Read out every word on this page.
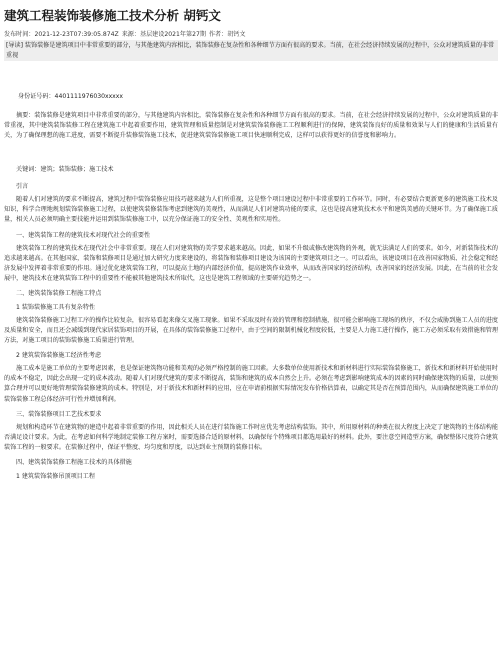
建筑工程装饰装修施工技术分析 胡钙文
发布时间：2021-12-23T07:39:05.874Z 来源：基层建设2021年第27期 作者：胡钙文

[导读] 装饰装修是建筑项目中非常重要的部分，与其他建筑内容相比，装饰装修在复杂性和各种细节方面有很高的要求。当前，在社会经济持续发展的过程中，公众对建筑质量的非常重视

身份证号码：4401111976030xxxxx

摘要：装饰装修是建筑项目中非常重要的部分，与其他建筑内容相比，装饰装修在复杂性和各种细节方面有很高的要求。当前，在社会经济持续发展的过程中，公众对建筑质量的非常重视，其中建筑装饰装修工程在建筑施工中起着重要作用，建筑管理和质量控制是对建筑装饰装修施工工程顺利进行的保障，建筑装饰良好的质量和效果与人们的健康和生活质量有关，为了确保理想的施工进度，需要不断提升装修装饰施工技术，促进建筑装饰装修施工项目快速顺利完成，这样可以获得更好的信誉度和影响力。

关键词：建筑；装饰装修；施工技术
引言

随着人们对建筑的要求不断提高，建筑过程中装饰装修应用技巧越来越为人们所重视，这是整个项目建设过程中非常重要的工作环节。同时，有必要结合更新更多的建筑施工技术及知识，科学合理地规划装饰装修施工过程，以使建筑装修装饰考虑到建筑的美观性，从而满足人们对建筑功能的要求，这也是提高建筑技术水平和建筑美感的关键环节。为了确保施工质量，相关人员必须明确主要技能并运用到装饰装修施工中，以充分保证施工的安全性、美观性和实用性。

一、建筑装饰工程的建筑技术对现代社会的重要性

建筑装饰工程的建筑技术在现代社会中非常重要。现在人们对建筑物的美学要求越来越高。因此，如果不升级或修改建筑物的外观，就无法满足人们的要求。如今，对新装饰技术的追求越来越高。在其他国家，装饰和装修项目是通过加大研究力度来建设的，将装饰和装修项目建设为该国的主要建筑项目之一。可以看出，该建设项目在改善国家物质、社会稳定和经济发展中发挥着非常重要的作用。通过优化建筑装饰工程，可以提高土地的内部经济价值，提高建筑作业效率，从而改善国家的经济结构，改善国家的经济发展。因此，在当前的社会发展中，建筑技术在建筑装饰工程中的重要性不能被其他建筑技术所取代，这也是建筑工程领域的主要研究趋势之一。

二、建筑装饰装修工程施工特点
1 装饰装修施工具有复杂特性

建筑装饰装修施工过程工序的操作比较复杂，很容易看起来像交叉施工现象。如果不采取及时有效的管理和控制措施，很可能会影响施工现场的秩序，不仅会威胁到施工人员的进度及质量和安全，而且还会减缓到现代家居装饰项目的开展，在具体的装饰装修施工过程中，由于空间的限制机械化程度较低，主要是人力施工进行操作，施工方必须采取有效措施和管理方法，对施工项目的装饰装修施工质量进行管理。

2 建筑装饰装修施工经济性考虑

施工成本是施工单位的主要考虑因素，也是保证建筑物功能和美观的必须严格控制的施工因素。大多数单位使用新技术和新材料进行实际装饰装修施工，新技术和新材料开始使用时的成本不稳定，因此会出现一定的成本波动。随着人们对现代建筑的要求不断提高，装饰和建筑的成本自然会上升。必须在考虑到影响建筑成本的因素的同时确保建筑物的质量，以使预算合理并可以更好地管理装饰装修建筑的成本。特别是，对于新技术和新材料的应用，应在申请前根据实际情况发布价格估算表，以确定其是否在预算范围内，从而确保建筑施工单位的装饰装修工程总体经济可行性并增加利润。

三、装饰装修项目工艺技术要求

规划和构造环节在建筑物的建造中起着非常重要的作用，因此相关人员在进行装饰施工作时应优先考虑结构装饰。其中，所用原材料的种类在很大程度上决定了建筑物的主体结构能否满足设计要求。为此，在考虑如何科学地制定装修工程方案时，需要选择合适的原材料，以确保每个特殊项目都选用最好的材料。此外，要注意空间造型方案，确保整体尺度符合建筑装饰工程的一般要求。在装修过程中，保证平整度、均匀度和厚度，以达到业主预期的装修目标。

四、建筑装饰装修工程施工技术的具体措施
1 建筑装饰装修吊顶项目工程
